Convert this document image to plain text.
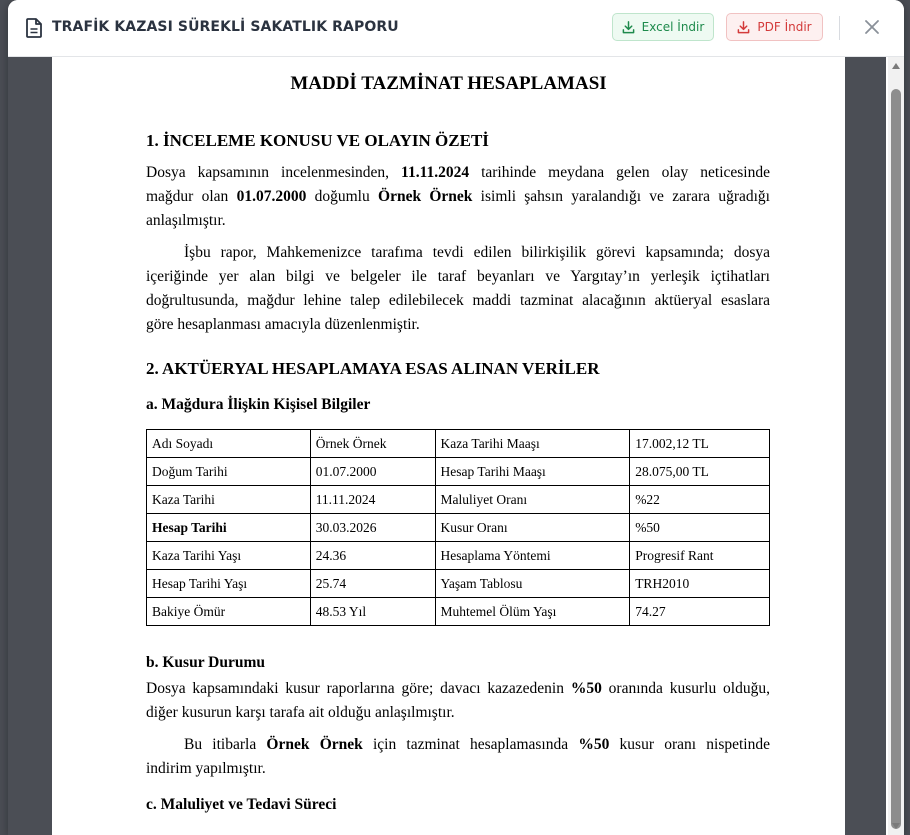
TRAFİK KAZASI SÜREKLİ SAKATLIK RAPORU	Excel İndir	PDF İndir
MADDİ TAZMİNAT HESAPLAMASI
1. İNCELEME KONUSU VE OLAYIN ÖZETİ
Dosya kapsamının incelenmesinden, 11.11.2024 tarihinde meydana gelen olay neticesinde
mağdur olan 01.07.2000 doğumlu Örnek Örnek isimli şahsın yaralandığı ve zarara uğradığı
anlaşılmıştır.
İşbu rapor, Mahkemenizce tarafıma tevdi edilen bilirkişilik görevi kapsamında; dosya
içeriğinde yer alan bilgi ve belgeler ile taraf beyanları ve Yargıtay’ın yerleşik içtihatları
doğrultusunda, mağdur lehine talep edilebilecek maddi tazminat alacağının aktüeryal esaslara
göre hesaplanması amacıyla düzenlenmiştir.
2. AKTÜERYAL HESAPLAMAYA ESAS ALINAN VERİLER
a. Mağdura İlişkin Kişisel Bilgiler
Adı Soyadı	Örnek Örnek	Kaza Tarihi Maaşı	17.002,12 TL
Doğum Tarihi	01.07.2000	Hesap Tarihi Maaşı	28.075,00 TL
Kaza Tarihi	11.11.2024	Maluliyet Oranı	%22
Hesap Tarihi	30.03.2026	Kusur Oranı	%50
Kaza Tarihi Yaşı	24.36	Hesaplama Yöntemi	Progresif Rant
Hesap Tarihi Yaşı	25.74	Yaşam Tablosu	TRH2010
Bakiye Ömür	48.53 Yıl	Muhtemel Ölüm Yaşı	74.27
b. Kusur Durumu
Dosya kapsamındaki kusur raporlarına göre; davacı kazazedenin %50 oranında kusurlu olduğu,
diğer kusurun karşı tarafa ait olduğu anlaşılmıştır.
Bu itibarla Örnek Örnek için tazminat hesaplamasında %50 kusur oranı nispetinde
indirim yapılmıştır.
c. Maluliyet ve Tedavi Süreci
